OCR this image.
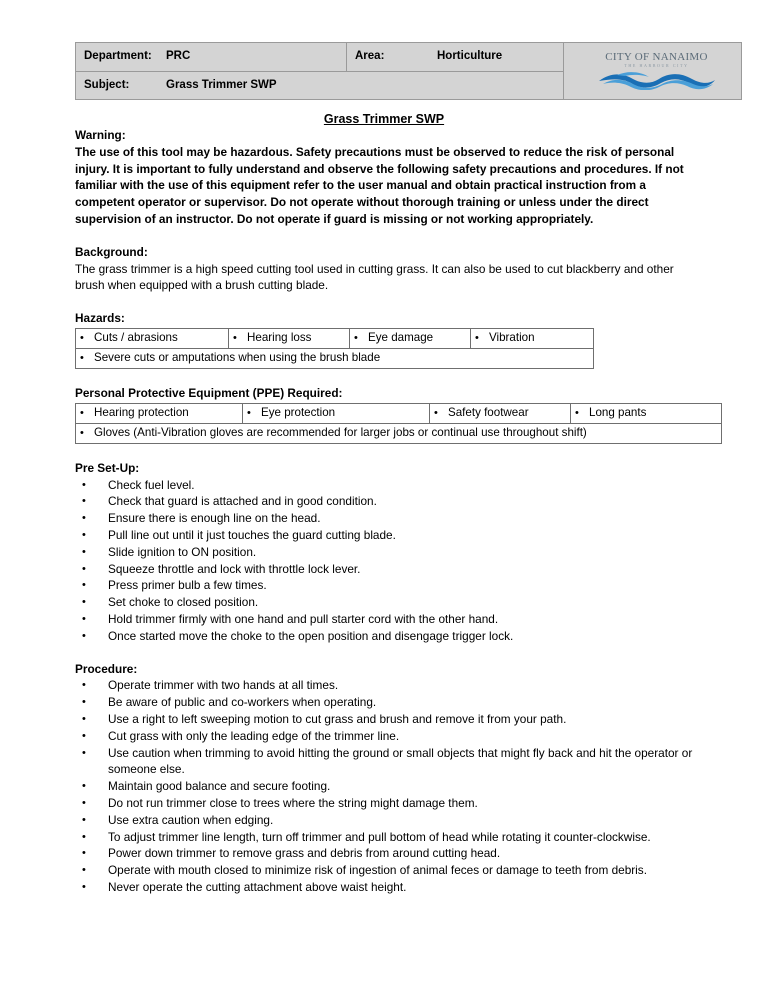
Department: PRC	Area:	Horticulture	CITY OF NANAIMO
THE HARBOUR CITY

Subject:	Grass Trimmer SWP
Grass Trimmer SWP
Warning:
The use of this tool may be hazardous. Safety precautions must be observed to reduce the risk of personal injury. It is important to fully understand and observe the following safety precautions and procedures. If not familiar with the use of this equipment refer to the user manual and obtain practical instruction from a competent operator or supervisor. Do not operate without thorough training or unless under the direct supervision of an instructor. Do not operate if guard is missing or not working appropriately.
Background:
The grass trimmer is a high speed cutting tool used in cutting grass. It can also be used to cut blackberry and other brush when equipped with a brush cutting blade.
Hazards:
• Cuts / abrasions	• Hearing loss	• Eye damage	• Vibration
• Severe cuts or amputations when using the brush blade
Personal Protective Equipment (PPE) Required:
• Hearing protection	• Eye protection	• Safety footwear	• Long pants
• Gloves (Anti-Vibration gloves are recommended for larger jobs or continual use throughout shift)
Pre Set-Up:
• Check fuel level.
• Check that guard is attached and in good condition.
• Ensure there is enough line on the head.
• Pull line out until it just touches the guard cutting blade.
• Slide ignition to ON position.
• Squeeze throttle and lock with throttle lock lever.
• Press primer bulb a few times.
• Set choke to closed position.
• Hold trimmer firmly with one hand and pull starter cord with the other hand.
• Once started move the choke to the open position and disengage trigger lock.
Procedure:
• Operate trimmer with two hands at all times.
• Be aware of public and co-workers when operating.
• Use a right to left sweeping motion to cut grass and brush and remove it from your path.
• Cut grass with only the leading edge of the trimmer line.
• Use caution when trimming to avoid hitting the ground or small objects that might fly back and hit the operator or someone else.
• Maintain good balance and secure footing.
• Do not run trimmer close to trees where the string might damage them.
• Use extra caution when edging.
• To adjust trimmer line length, turn off trimmer and pull bottom of head while rotating it counter-clockwise.
• Power down trimmer to remove grass and debris from around cutting head.
• Operate with mouth closed to minimize risk of ingestion of animal feces or damage to teeth from debris.
• Never operate the cutting attachment above waist height.
